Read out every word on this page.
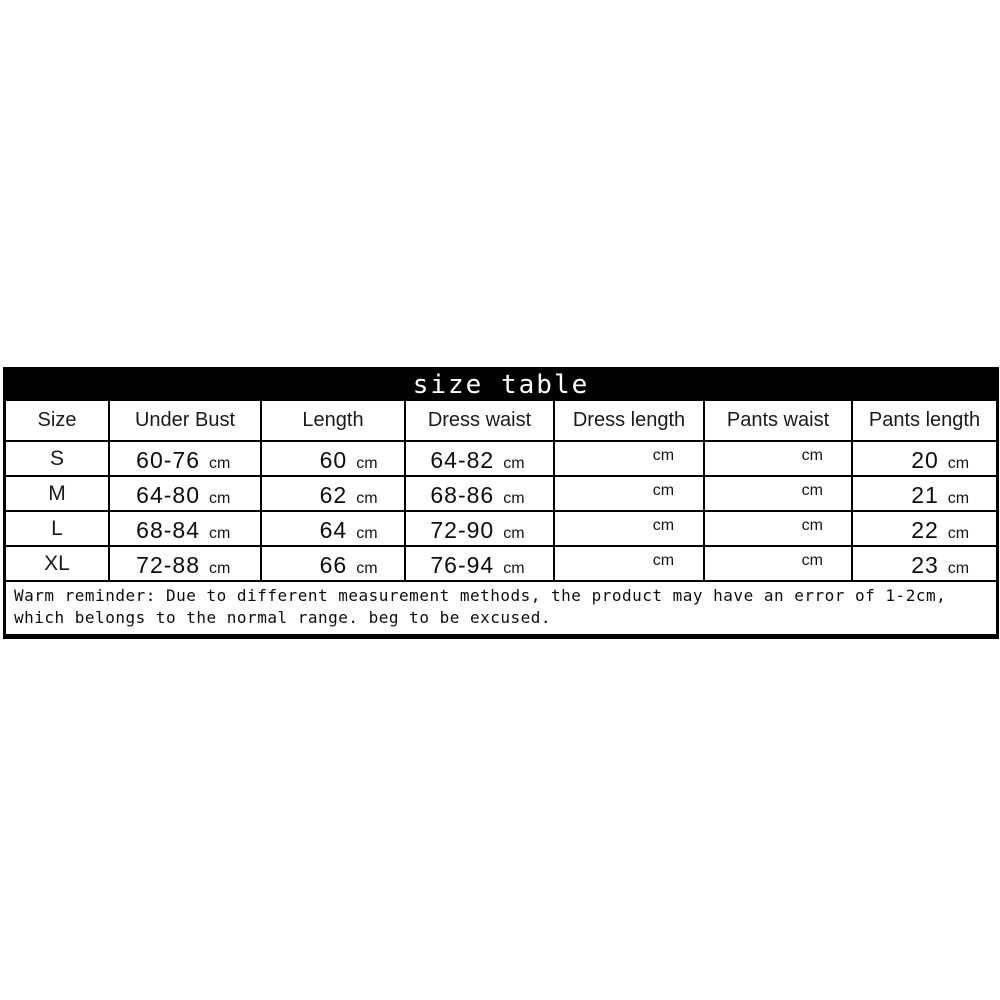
size table
Size	Under Bust	Length	Dress waist	Dress length	Pants waist	Pants length
S	60-76 cm	60 cm	64-82 cm	cm	cm	20 cm
M	64-80 cm	62 cm	68-86 cm	cm	cm	21 cm
L	68-84 cm	64 cm	72-90 cm	cm	cm	22 cm
XL	72-88 cm	66 cm	76-94 cm	cm	cm	23 cm
Warm reminder: Due to different measurement methods, the product may have an error of 1-2cm,
which belongs to the normal range. beg to be excused.
